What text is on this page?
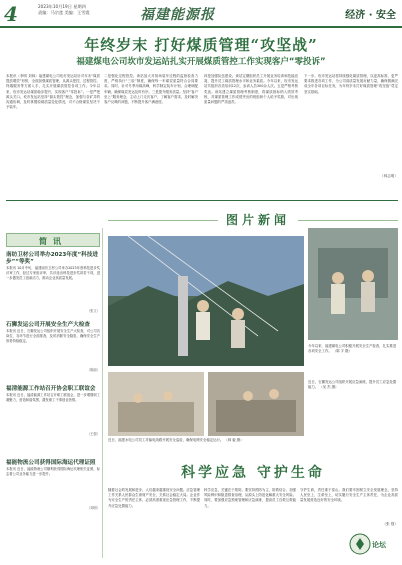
4	2023年10月19日 星期四
责编：马宗莲 美编：王雪霞	福建能源报	经济 · 安全
年终岁末 打好煤质管理“攻坚战”
福建煤电公司坎市发运站扎实开展煤质管控工作实现客户“零投诉”
本报讯（李明 刘林）福建煤电公司坎市发运站针对年末“煤质提质增效”形势，全面加强煤质管理，从源头把控、过程管控、终端服务等方面入手，扎实开展煤质管控各项工作。今年以来，坎市发运站煤质稳步提升，实现客户“零投诉”。一是严把源头关口。坎市发运站坚持“源头管控”理念，加强与各矿井的沟通协调，及时掌握原煤质量变化情况，对不合格煤炭坚决不予装车。
二是强化过程管控。该站加大对现场装车过程的监督检查力度，严格执行“三检”制度，确保每一车煤炭质量符合合同要求。同时，针对冬季用煤高峰，科学制定装车计划，合理调配车辆，确保煤炭发运及时有序。三是提升服务质量。坚持“客户至上”服务理念，主动上门走访客户，了解客户需求，及时解决客户反映的问题，不断提升客户满意度。
四是加强队伍建设。该站定期组织员工开展业务培训和技能竞赛，提升员工煤质管理水平和业务素质。今年以来，坎市发运站共组织各类培训12次，参训人员300余人次。五是严格考核奖惩。该站建立煤质管理考核制度，将煤质指标纳入绩效考核，对煤质管理工作成绩突出的班组和个人给予奖励，对出现质量问题的严肃追责。
下一步，坎市发运站将持续强化煤质管理，以更高标准、更严要求推进各项工作，为公司高质量发展贡献力量，确保圆满完成全年各项目标任务，为年终岁末打好煤质管理“攻坚战”奠定坚实基础。
（林志明）
简讯
南纺卫材公司举办2023年度“科技进步”“等奖”
本报讯 10月中旬，福建南纺卫材公司举办2023年度科技进步奖评审工作，经过专家组评审，共评选出科技进步奖项若干项，进一步激发员工创新活力，推动企业高质量发展。
（张文）
石狮发运公司开展安全生产大检查
本报讯 近日，石狮发运公司组织开展安全生产大检查，对公司各岗位、各环节进行全面排查，及时消除安全隐患，确保安全生产形势持续稳定。
（陈丽）
福清能源工作站召开协会职工联谊会
本报讯 近日，福清能源工作站召开职工联谊会，进一步增强职工凝聚力，营造和谐氛围，激发职工干事创业热情。
（王强）
福能物流公司获得国际海运代理证照
本报讯 近日，福能物流公司顺利获得国际海运代理相关证照，标志着公司业务能力进一步提升。
（刘明）
图片新闻
今年以来，福建煤电公司积极开展安全生产检查，扎实推进各项安全工作。 （陈 宇 摄）
近日，福建水电公司员工对输电线路开展安全巡检，确保电网安全稳定运行。 （林 毅 摄）
近日，石狮发运公司组织开展应急演练，提升员工应急处置能力。 （吴 杰 摄）
科学应急 守护生命
随着社会的发展和进步，人们越来越重视安全问题。应急管理工作关系人民群众生命财产安全，关系社会稳定大局。企业作为安全生产的责任主体，必须高度重视应急管理工作，不断提升应急处置能力。
科学应急，关键在于预防。要坚持预防为主、防救结合，加强风险辨识和隐患排查治理，从源头上防范化解重大安全风险。同时，要加强应急预案管理和应急演练，提高员工自救互救能力。
守护生命，责任重于泰山。我们要牢固树立安全发展理念，坚持人民至上、生命至上，切实履行安全生产主体责任，为企业高质量发展营造良好的安全环境。
（张 强）
论坛
